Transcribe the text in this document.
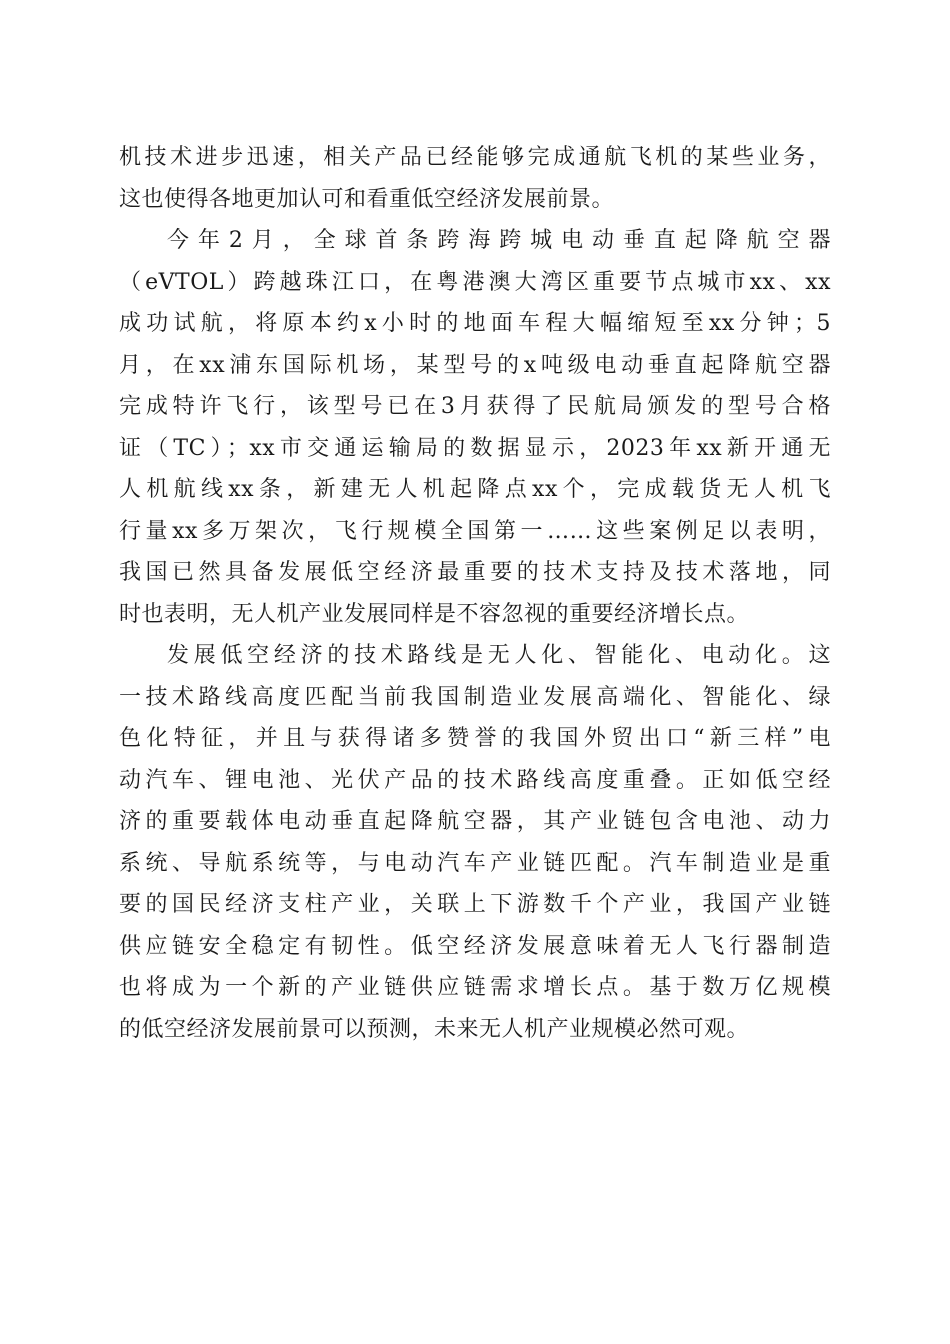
机技术进步迅速，相关产品已经能够完成通航飞机的某些业务，
这也使得各地更加认可和看重低空经济发展前景。
今年2月，全球首条跨海跨城电动垂直起降航空器
（eVTOL）跨越珠江口，在粤港澳大湾区重要节点城市xx、xx
成功试航，将原本约x小时的地面车程大幅缩短至xx分钟；5
月，在xx浦东国际机场，某型号的x吨级电动垂直起降航空器
完成特许飞行，该型号已在3月获得了民航局颁发的型号合格
证（TC）；xx市交通运输局的数据显示，2023年xx新开通无
人机航线xx条，新建无人机起降点xx个，完成载货无人机飞
行量xx多万架次，飞行规模全国第一……这些案例足以表明，
我国已然具备发展低空经济最重要的技术支持及技术落地，同
时也表明，无人机产业发展同样是不容忽视的重要经济增长点。
发展低空经济的技术路线是无人化、智能化、电动化。这
一技术路线高度匹配当前我国制造业发展高端化、智能化、绿
色化特征，并且与获得诸多赞誉的我国外贸出口“新三样”电
动汽车、锂电池、光伏产品的技术路线高度重叠。正如低空经
济的重要载体电动垂直起降航空器，其产业链包含电池、动力
系统、导航系统等，与电动汽车产业链匹配。汽车制造业是重
要的国民经济支柱产业，关联上下游数千个产业，我国产业链
供应链安全稳定有韧性。低空经济发展意味着无人飞行器制造
也将成为一个新的产业链供应链需求增长点。基于数万亿规模
的低空经济发展前景可以预测，未来无人机产业规模必然可观。
